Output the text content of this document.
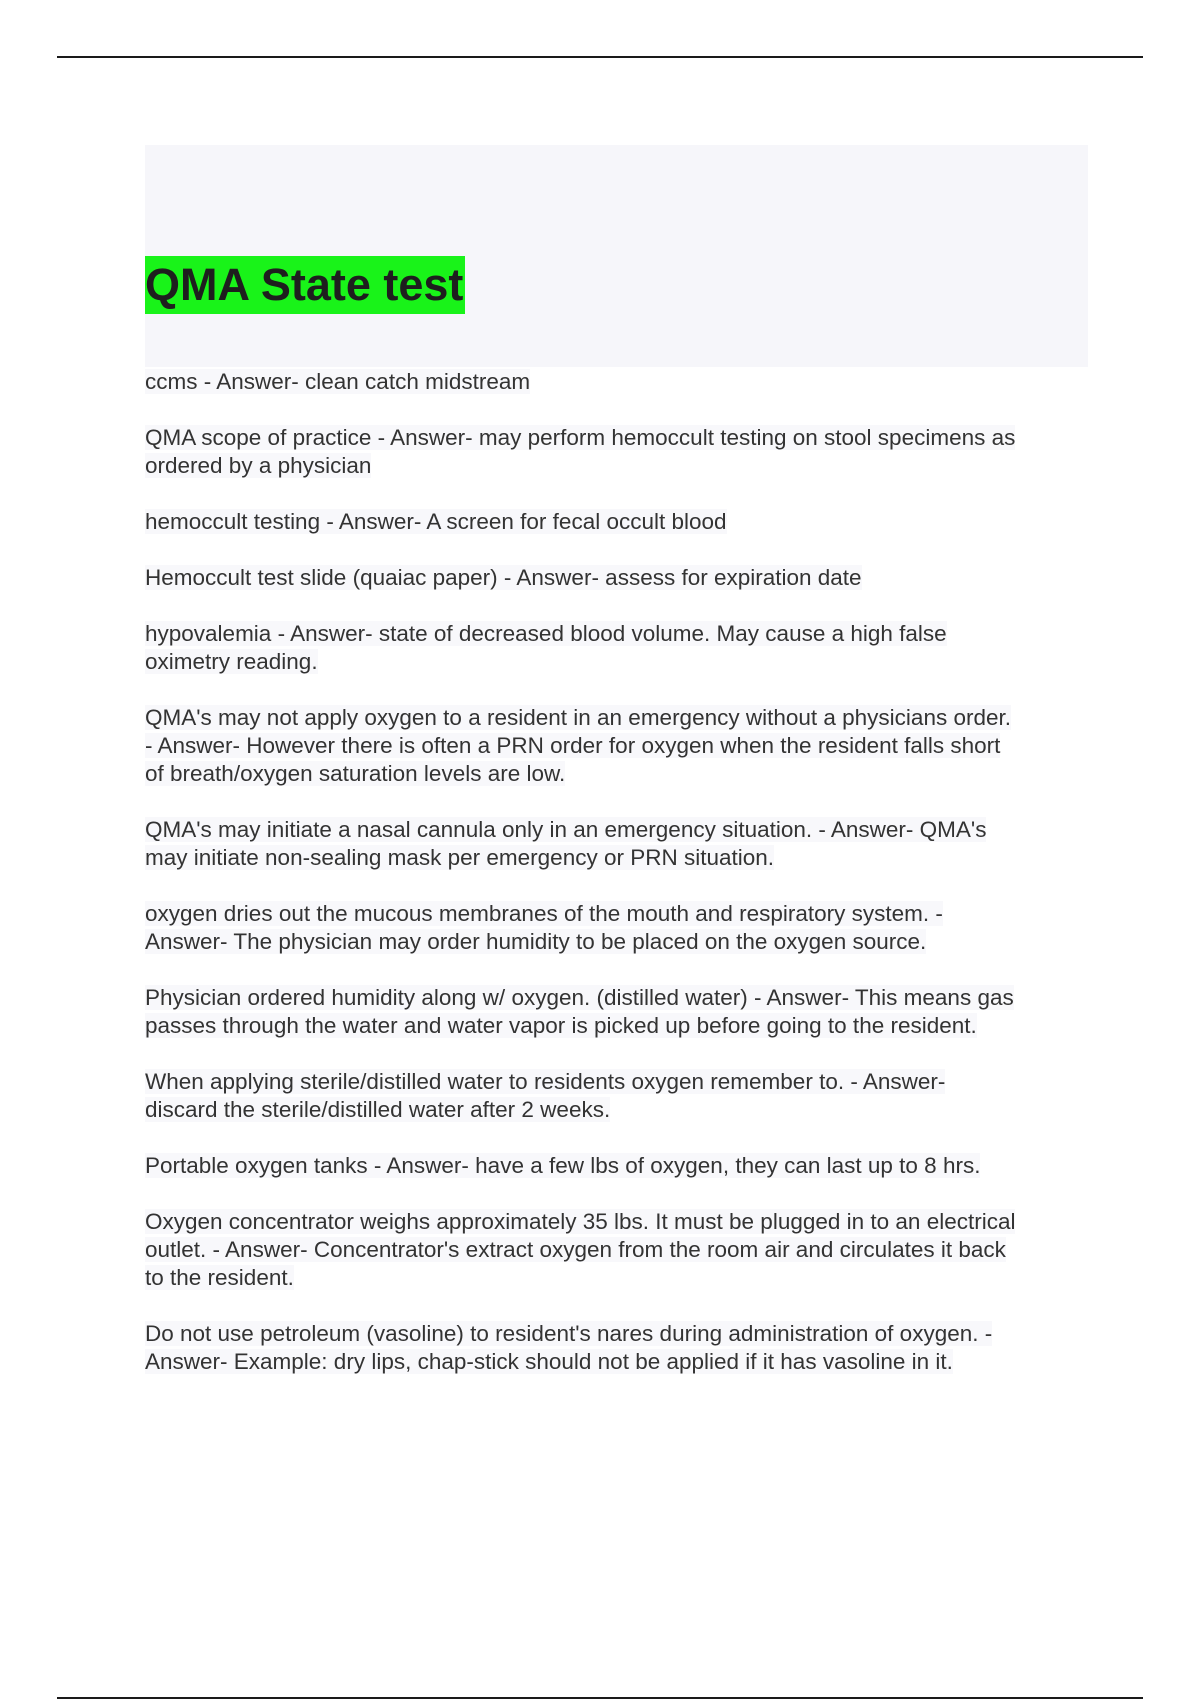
QMA State test
ccms - Answer- clean catch midstream
QMA scope of practice - Answer- may perform hemoccult testing on stool specimens as
ordered by a physician
hemoccult testing - Answer- A screen for fecal occult blood
Hemoccult test slide (quaiac paper) - Answer- assess for expiration date
hypovalemia - Answer- state of decreased blood volume. May cause a high false
oximetry reading.
QMA's may not apply oxygen to a resident in an emergency without a physicians order.
- Answer- However there is often a PRN order for oxygen when the resident falls short
of breath/oxygen saturation levels are low.
QMA's may initiate a nasal cannula only in an emergency situation. - Answer- QMA's
may initiate non-sealing mask per emergency or PRN situation.
oxygen dries out the mucous membranes of the mouth and respiratory system. -
Answer- The physician may order humidity to be placed on the oxygen source.
Physician ordered humidity along w/ oxygen. (distilled water) - Answer- This means gas
passes through the water and water vapor is picked up before going to the resident.
When applying sterile/distilled water to residents oxygen remember to. - Answer-
discard the sterile/distilled water after 2 weeks.
Portable oxygen tanks - Answer- have a few lbs of oxygen, they can last up to 8 hrs.
Oxygen concentrator weighs approximately 35 lbs. It must be plugged in to an electrical
outlet. - Answer- Concentrator's extract oxygen from the room air and circulates it back
to the resident.
Do not use petroleum (vasoline) to resident's nares during administration of oxygen. -
Answer- Example: dry lips, chap-stick should not be applied if it has vasoline in it.
